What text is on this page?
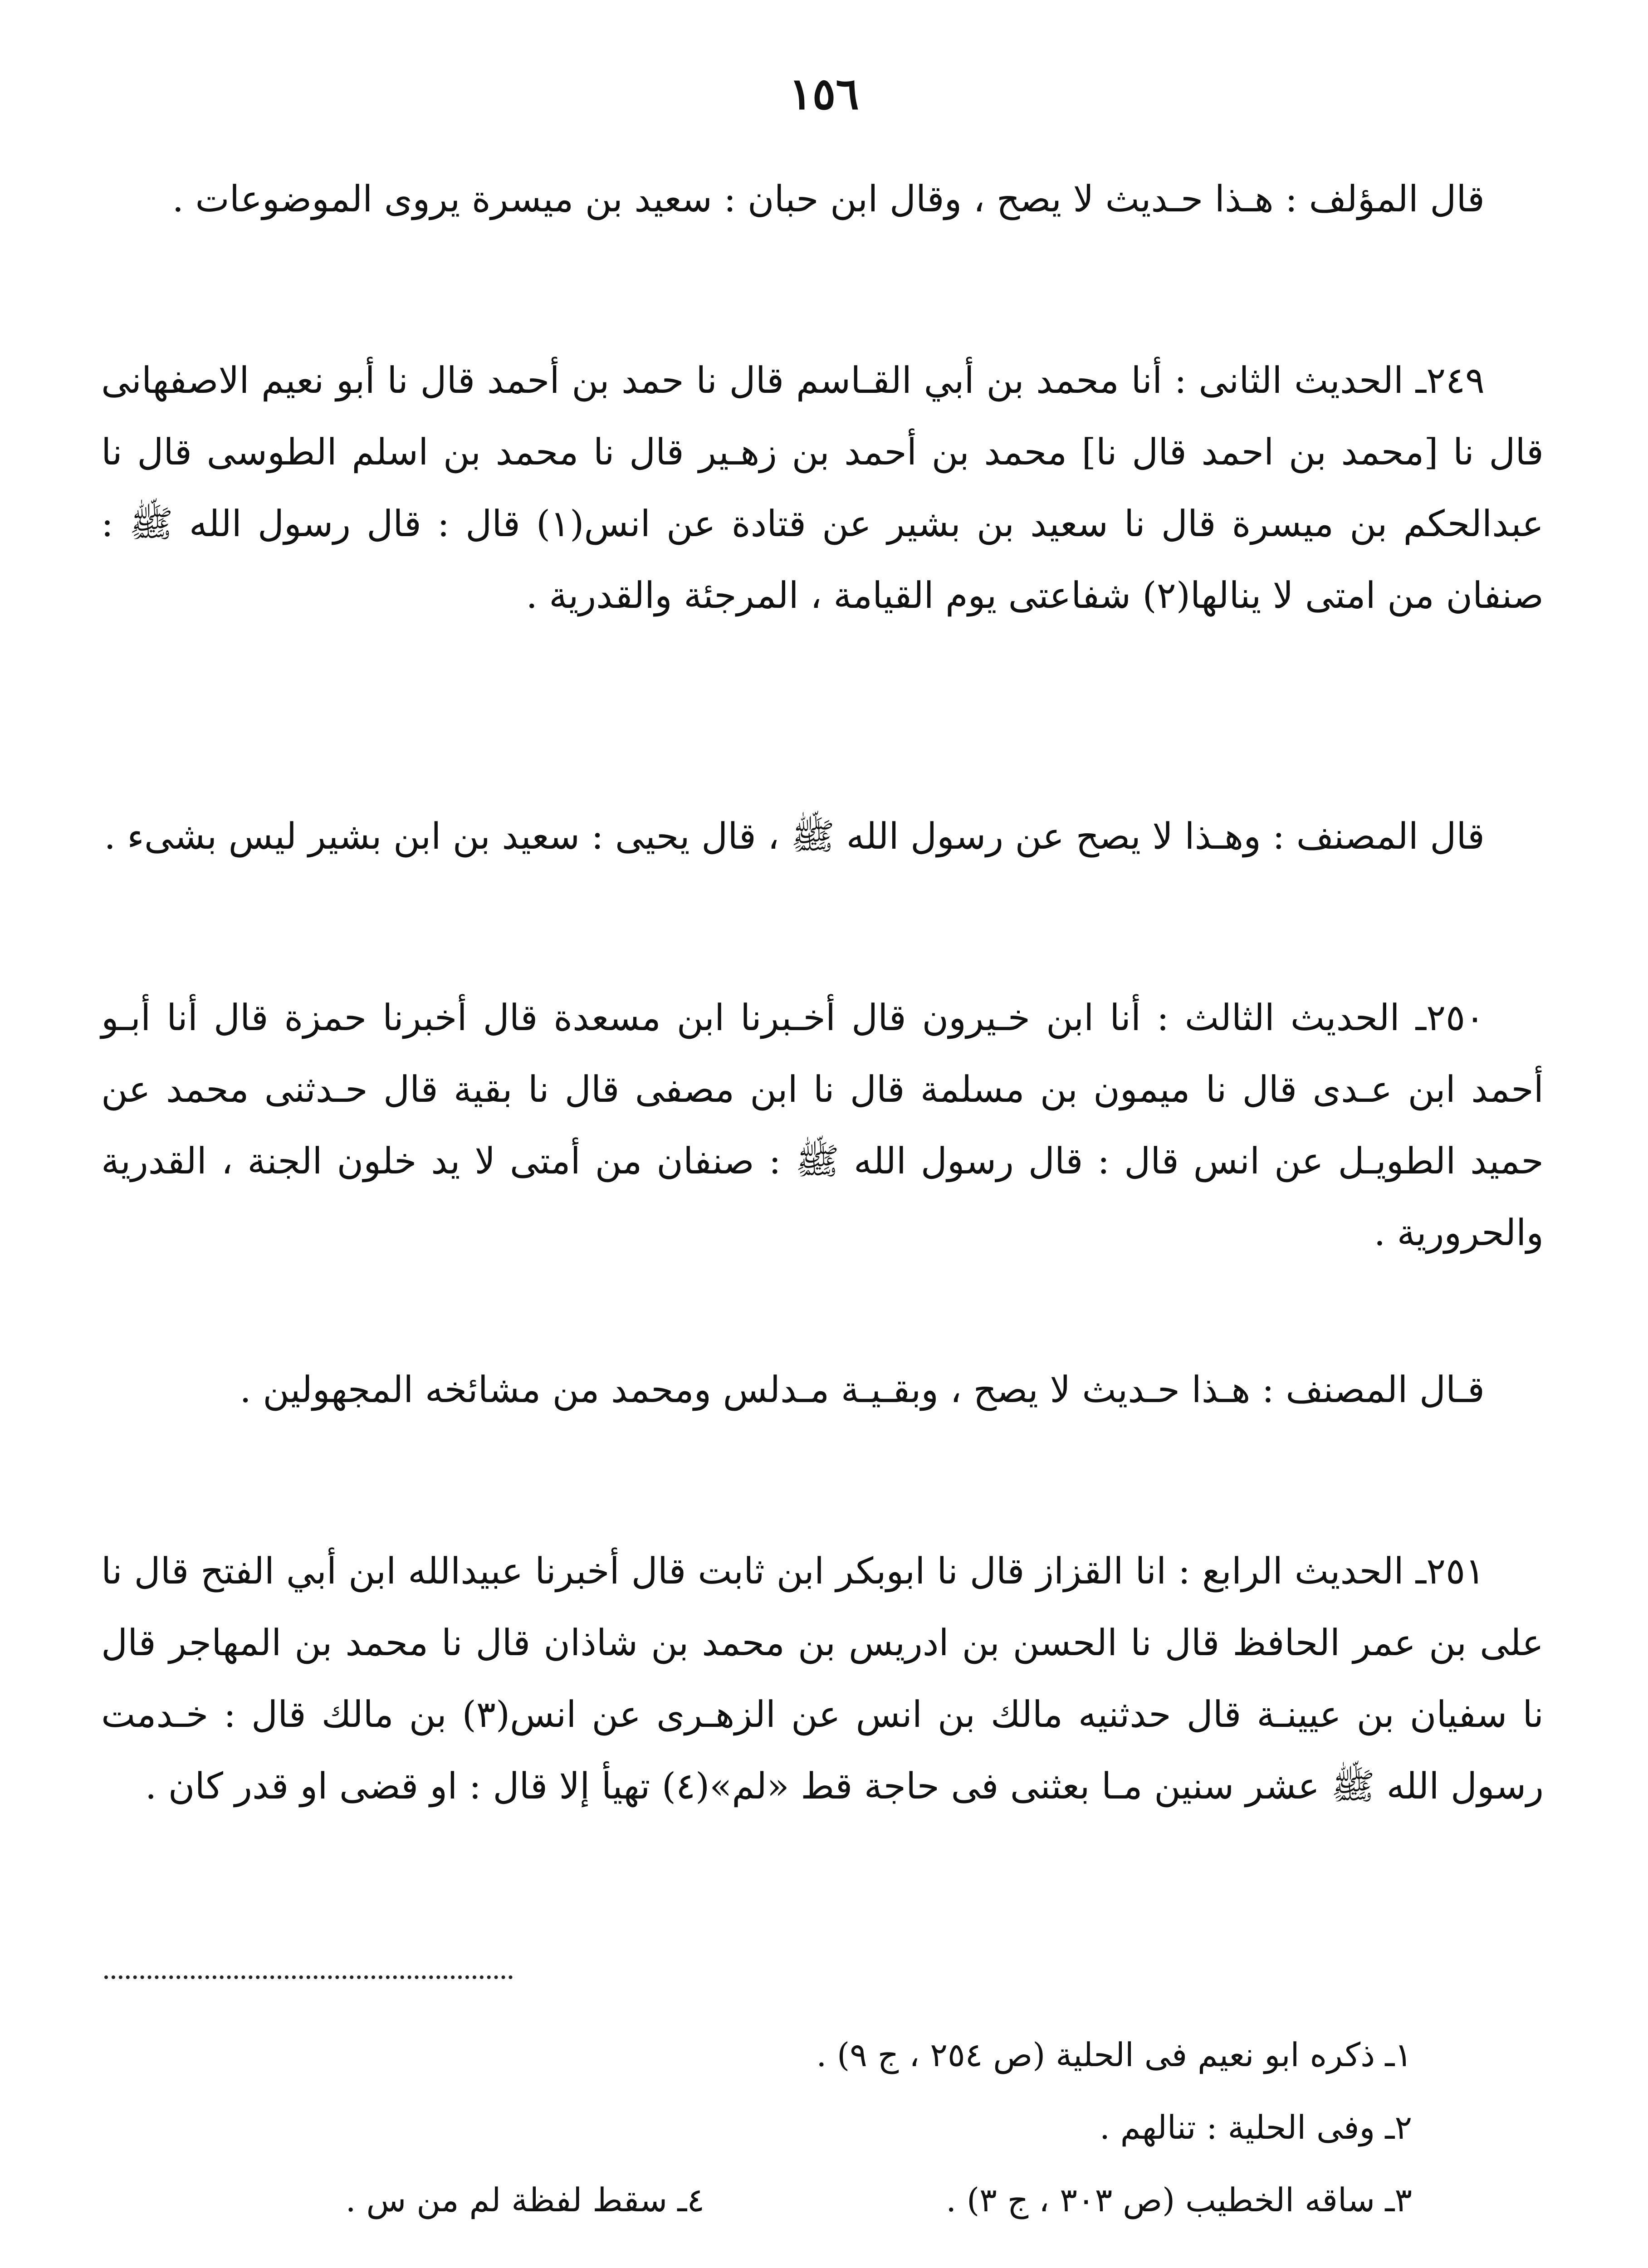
١٥٦

قال المؤلف : هـذا حـديث لا يصح ، وقال ابن حبان : سعيد بن ميسرة يروى الموضوعات .

٢٤٩ـ الحديث الثانى : أنا محمد بن أبي القـاسم قال نا حمد بن أحمد قال نا أبو نعيم الاصفهانى قال نا [محمد بن احمد قال نا] محمد بن أحمد بن زهـير قال نا محمد بن اسلم الطوسى قال نا عبدالحكم بن ميسرة قال نا سعيد بن بشير عن قتادة عن انس(١) قال : قال رسول الله ﷺ : صنفان من امتى لا ينالها(٢) شفاعتى يوم القيامة ، المرجئة والقدرية .

قال المصنف : وهـذا لا يصح عن رسول الله ﷺ ، قال يحيى : سعيد بن ابن بشير ليس بشىء .

٢٥٠ـ الحديث الثالث : أنا ابن خـيرون قال أخـبرنا ابن مسعدة قال أخبرنا حمزة قال أنا أبـو أحمد ابن عـدى قال نا ميمون بن مسلمة قال نا ابن مصفى قال نا بقية قال حـدثنى محمد عن حميد الطويـل عن انس قال : قال رسول الله ﷺ : صنفان من أمتى لا يد خلون الجنة ، القدرية والحرورية .

قـال المصنف : هـذا حـديث لا يصح ، وبقـيـة مـدلس ومحمد من مشائخه المجهولين .

٢٥١ـ الحديث الرابع : انا القزاز قال نا ابوبكر ابن ثابت قال أخبرنا عبيدالله ابن أبي الفتح قال نا على بن عمر الحافظ قال نا الحسن بن ادريس بن محمد بن شاذان قال نا محمد بن المهاجر قال نا سفيان بن عيينـة قال حدثنيه مالك بن انس عن الزهـرى عن انس(٣) بن مالك قال : خـدمت رسول الله ﷺ عشر سنين مـا بعثنى فى حاجة قط «لم»(٤) تهيأ إلا قال : او قضى او قدر كان .

١ـذكره ابو نعيم فى الحلية (ص ٢٥٤ ، ج ٩) .
٢ـوفى الحلية : تنالهم .
٣ـساقه الخطيب (ص ٣٠٣ ، ج ٣) .
٤ـسقط لفظة لم من س .
